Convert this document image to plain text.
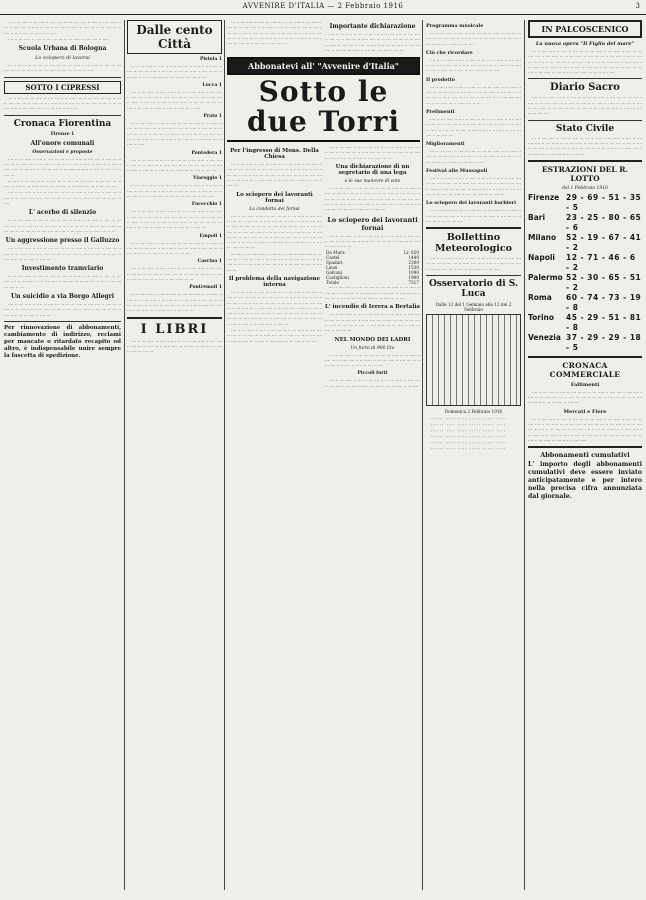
AVVENIRE D'ITALIA — 2 Febbraio 1916	3

·· ·· ··· ···· ·· ··· ···· ·· ···· ···· ··· ·· ···· ···· ·· ···· ·· ···· ····· ·· ··· ·· ···· ···· ·· ····· ··· ··· ·· ··· ···· ·· ···· ··· ···· ··· ·· ··· ···· ··· ·· ···· ·· ····· ···· ··· ···· ·· ··· ····

···· ·· ··· ····· ·· ···· ·· ···· ··· ··· ·· ··· ····· ·· ···· ···· ·· ····

Scuola Urbana di Bologna
Lo sciopero di lavorai

··· ·· ···· ····· ·· ···· ··· ···· ··· ··· ··· ····· ·· ··· ····· ·· ···· ··· ··· ···· ···· ·· ··· ····· ·· ··· ··· ····· ·· ···· ··· ··· ·· ··· ····

SOTTO I CIPRESSI

··· ·· ···· ··· ··· ····· ·· ···· ··· ·· ··· ····· ··· ·· ··· ···· ··· ···· ·· ··· ·· ···· ···· ··· ·· ···· ··· ··· ····· ·· ··· ···· ··· ·· ··· ···· ·· ··· ·· ··· ·· ···· ····· ·· ···· ···· ··· ·· ··· ··· ···· ·· ···· ···

Cronaca Fiorentina
Firenze 1
All'onore comunali
Osservazioni e proposte

···· ·· ··· ····· ·· ···· ·· ···· ··· ··· ·· ··· ····· ·· ···· ···· ·· ···· ··· ·· ···· ··· ·· ····· ···· ··· ·· ···· ··· ···· ·· ··· ···· ·· ····· ·· ···· ··· ·· ···· ·· ···· ····· ··· ··· ···· ·· ···· ··· ···· ·· ··· ···· ··· ····· ·· ···· ··· ···· ··· ·· ···· ···

··· ···· ·· ··· ···· ····· ·· ···· ··· ·· ···· ··· ···· ····· ·· ··· ···· ··· ·· ···· ··· ···· ·· ··· ····· ··· ·· ···· ··· ···· ·· ··· ···· ···· ··· ·· ··· ···· ····

···· ·· ··· ····· ·· ···· ·· ···· ··· ··· ·· ··· ····· ·· ···· ···· ·· ···· ··· ·· ···· ··· ·· ····· ···· ··· ·· ···· ··· ···· ·· ··· ···· ·· ····· ·· ···· ··· ·· ···· ·· ····

L' acerbo di silenzio

··· ·· ···· ····· ·· ···· ··· ···· ··· ··· ··· ····· ·· ··· ····· ·· ···· ··· ··· ···· ···· ·· ··· ····· ·· ··· ··· ····· ·· ···· ··· ··· ·· ··· ···· ·· ··· ·· ···· ··· ··· ···· ·· ··· ···· ··· ·· ···· ···· ···· ··· ·· ··· ····· ··· ·· ····· ···· ·· ···

Un aggressione presso il Galluzzo

···· ·· ··· ····· ·· ···· ·· ···· ··· ··· ·· ··· ····· ·· ···· ···· ·· ···· ··· ·· ···· ··· ·· ····· ···· ··· ·· ···· ··· ···· ·· ··· ···· ·· ····· ·· ···· ··· ·· ···· ·· ···· ····· ··· ··· ···· ·· ···· ···

Investimento tramviario

··· ·· ···· ····· ·· ···· ··· ···· ··· ··· ··· ····· ·· ··· ····· ·· ···· ··· ··· ···· ···· ·· ··· ····· ·· ··· ··· ····· ·· ···· ··· ··· ·· ··· ···· ·· ··· ·· ···· ··· ··· ···· ·· ···

Un suicidio a via Borgo Allegri

···· ·· ··· ····· ·· ···· ·· ···· ··· ··· ·· ··· ····· ·· ···· ···· ·· ···· ··· ·· ···· ··· ·· ····· ···· ··· ·· ···· ··· ···· ·· ··· ···· ·· ····· ·· ···· ··· ·· ···· ·· ···· ····· ··· ··· ···· ·· ···· ···

Per rinnovazione di abbonamenti, cambiamento di indirizzo, reclami per mancato o ritardato recapito od altro, è indispensabile unire sempre la fascetta di spedizione.
Dalle cento Città
Pistoia 1

··· ·· ···· ····· ·· ···· ··· ···· ··· ··· ··· ····· ·· ··· ····· ·· ···· ··· ··· ···· ···· ·· ··· ····· ·· ··· ··· ····· ·· ···· ··· ··· ·· ··· ···· ·· ··· ·· ···· ··· ··· ···· ·· ··· ···· ··· ·· ····

Lucca 1

···· ·· ··· ····· ·· ···· ·· ···· ··· ··· ·· ··· ····· ·· ···· ···· ·· ···· ··· ·· ···· ··· ·· ····· ···· ··· ·· ···· ··· ···· ·· ··· ···· ·· ····· ·· ···· ··· ·· ···· ·· ···· ····· ··· ··· ···· ·· ···· ··· ···· ·· ··· ···· ··· ····· ·· ···· ··· ···· ··· ·· ····

Prato 1

··· ·· ···· ····· ·· ···· ··· ···· ··· ··· ··· ····· ·· ··· ····· ·· ···· ··· ··· ···· ···· ·· ··· ····· ·· ··· ··· ····· ·· ···· ··· ··· ·· ··· ···· ·· ··· ·· ···· ··· ··· ···· ·· ··· ···· ··· ·· ···· ···· ···· ··· ·· ··· ····· ··· ·· ····· ···· ·· ··· ···· ··· ·· ····· ··· ···· ·· ···· ··· ····

Pontedera 1

···· ·· ··· ····· ·· ···· ·· ···· ··· ··· ·· ··· ····· ·· ···· ···· ·· ···· ··· ·· ···· ··· ·· ····· ···· ··· ·· ···· ··· ···· ·· ··· ···· ·· ····· ·· ···· ··· ·· ···· ·· ···· ····· ··· ··· ···· ·· ···· ···

Viareggio 1

··· ·· ···· ····· ·· ···· ··· ···· ··· ··· ··· ····· ·· ··· ····· ·· ···· ··· ··· ···· ···· ·· ··· ····· ·· ··· ··· ····· ·· ···· ··· ··· ·· ··· ···· ·· ··· ·· ···· ··· ··· ···· ·· ··· ···· ··· ·· ···· ····

Fucecchio 1

···· ·· ··· ····· ·· ···· ·· ···· ··· ··· ·· ··· ····· ·· ···· ···· ·· ···· ··· ·· ···· ··· ·· ····· ···· ··· ·· ···· ··· ···· ·· ··· ···· ·· ····· ·· ···· ··· ·· ···· ·· ···· ····· ··· ··· ···· ·· ···· ··· ···· ·· ··· ···· ··· ····· ·· ···· ··· ···· ··· ·· ···· ···

Empoli 1

··· ·· ···· ····· ·· ···· ··· ···· ··· ··· ··· ····· ·· ··· ····· ·· ···· ··· ··· ···· ···· ·· ··· ····· ·· ··· ··· ····· ·· ···· ··· ··· ·· ··· ···· ·· ··· ·· ···· ··· ··· ···· ·· ··· ····

Cascina 1

···· ·· ··· ····· ·· ···· ·· ···· ··· ··· ·· ··· ····· ·· ···· ···· ·· ···· ··· ·· ···· ··· ·· ····· ···· ··· ·· ···· ··· ···· ·· ··· ···· ·· ····· ·· ···· ··· ·· ···· ·· ···· ····· ··· ···

Pontremoli 1

··· ·· ···· ····· ·· ···· ··· ···· ··· ··· ··· ····· ·· ··· ····· ·· ···· ··· ··· ···· ···· ·· ··· ····· ·· ··· ··· ····· ·· ···· ··· ··· ·· ··· ···· ·· ··· ·· ···· ··· ··· ···· ·· ··· ···· ··· ·· ···· ···· ···· ··· ·· ··· ····· ··· ·· ····· ···· ·· ··· ···· ···

I LIBRI

···· ·· ··· ····· ·· ···· ·· ···· ··· ··· ·· ··· ····· ·· ···· ···· ·· ···· ··· ·· ···· ··· ·· ····· ···· ··· ·· ···· ··· ···· ·· ··· ···· ·· ····· ·· ···· ···

··· ·· ···· ····· ·· ···· ··· ···· ··· ··· ··· ····· ·· ··· ····· ·· ···· ··· ··· ···· ···· ·· ··· ····· ·· ··· ··· ····· ·· ···· ··· ··· ·· ··· ···· ·· ··· ·· ···· ··· ··· ···· ·· ··· ···· ··· ·· ···· ···· ···· ··· ·· ··· ····· ··· ·· ····· ···· ·· ··· ···· ··· ·· ····· ··· ···· ·· ···· ··· ···· ··· ·· ··· ···· ··· ·· ···· ···

Importante dichiarazione

···· ·· ··· ····· ·· ···· ·· ···· ··· ··· ·· ··· ····· ·· ···· ···· ·· ···· ··· ·· ···· ··· ·· ····· ···· ··· ·· ···· ··· ···· ·· ··· ···· ·· ····· ·· ···· ··· ·· ···· ·· ···· ····· ··· ··· ···· ·· ···· ··· ···· ·· ··· ···· ··· ····· ·· ···· ··· ···· ··· ·· ···· ···

Abbonatevi all' "Avvenire d'Italia"
Sotto le due Torri
Per l'ingresso di Mons. Della Chiesa

··· ·· ···· ····· ·· ···· ··· ···· ··· ··· ··· ····· ·· ··· ····· ·· ···· ··· ··· ···· ···· ·· ··· ····· ·· ··· ··· ····· ·· ···· ··· ··· ·· ··· ···· ·· ··· ·· ···· ··· ··· ···· ·· ··· ···· ··· ·· ···· ···· ···· ··· ·· ··· ····· ··· ·· ····· ···· ·· ··· ···· ··· ·· ····· ··· ···· ·· ···· ···

Lo sciopero dei lavoranti fornai
La condotta dei fornai

···· ·· ··· ····· ·· ···· ·· ···· ··· ··· ·· ··· ····· ·· ···· ···· ·· ···· ··· ·· ···· ··· ·· ····· ···· ··· ·· ···· ··· ···· ·· ··· ···· ·· ····· ·· ···· ··· ·· ···· ·· ···· ····· ··· ··· ···· ·· ···· ··· ···· ·· ··· ···· ··· ····· ·· ···· ··· ···· ··· ·· ···· ··· ··· ·· ···· ··· ···· ·· ···· ····· ··· ··· ·· ···· ··· ···· ··· ·· ···· ····· ··· ·· ···· ·· ··· ···· ··· ····· ·· ····· ··· ···· ·· ··· ···· ··· ·· ···· ··· ····· ·· ···· ···

··· ···· ·· ··· ···· ····· ·· ···· ··· ·· ···· ··· ···· ····· ·· ··· ···· ··· ·· ···· ··· ···· ·· ··· ····· ··· ·· ···· ··· ···· ·· ··· ···· ···· ··· ·· ··· ···· ···· ·· ···· ··· ···· ·· ··· ···· ··· ···· ·· ···· ··· ···

Il problema della navigazione interna

··· ·· ···· ····· ·· ···· ··· ···· ··· ··· ··· ····· ·· ··· ····· ·· ···· ··· ··· ···· ···· ·· ··· ····· ·· ··· ··· ····· ·· ···· ··· ··· ·· ··· ···· ·· ··· ·· ···· ··· ··· ···· ·· ··· ···· ··· ·· ···· ···· ···· ··· ·· ··· ····· ··· ·· ····· ···· ·· ··· ···· ··· ·· ····· ··· ···· ·· ···· ··· ···· ··· ·· ··· ···· ··· ·· ···· ··· ··· ···· ·· ··· ····· ··· ··· ···· ·· ···· ····· ··· ··· ·· ···· ···· ··· ·· ···· ··· ····· ··· ·· ···· ··· ···· ·· ··· ···· ····· ·· ···· ···

···· ·· ··· ····· ·· ···· ·· ···· ··· ··· ·· ··· ····· ·· ···· ···· ·· ···· ··· ·· ···· ··· ·· ····· ···· ··· ·· ···· ··· ···· ·· ··· ···· ·· ····· ·· ···· ··· ·· ···· ·· ···· ····· ··· ··· ···· ·· ···· ···

···· ·· ··· ····· ·· ···· ·· ···· ··· ··· ·· ··· ····· ·· ···· ···· ·· ···· ··· ·· ···· ··· ·· ····· ···· ··· ·· ···· ··· ···· ·· ··· ···· ·· ····· ·· ···· ··· ·· ···· ·· ···· ····· ··· ···

Una dichiarazione di un segretario di una lega
e le sue manovre di voto

··· ·· ···· ····· ·· ···· ··· ···· ··· ··· ··· ····· ·· ··· ····· ·· ···· ··· ··· ···· ···· ·· ··· ····· ·· ··· ··· ····· ·· ···· ··· ··· ·· ··· ···· ·· ··· ·· ···· ··· ··· ···· ·· ··· ···· ··· ·· ···· ···· ···· ··· ·· ··· ····· ··· ·· ····· ···· ·· ··· ···· ··· ·· ····· ··· ···· ·· ···· ··· ···· ··· ·· ··· ···· ··· ·· ···· ···

Lo sciopero dei lavoranti fornai

···· ·· ··· ····· ·· ···· ·· ···· ··· ··· ·· ··· ····· ·· ···· ···· ·· ···· ··· ·· ···· ··· ·· ····· ···· ··· ·· ···· ··· ···· ·· ··· ···· ·· ····· ·· ···· ···

Da Mura	Lr. 820
Castel	1440
Spadari	2300
Lanzi	1530
Galvani	1090
Castiglioni	1900
Totale	7317

··· ·· ···· ····· ·· ···· ··· ···· ··· ··· ··· ····· ·· ··· ····· ·· ···· ··· ··· ···· ···· ·· ··· ····· ·· ··· ··· ····· ·· ···· ··· ··· ·· ··· ···· ·· ··· ·· ···· ··· ··· ···· ·· ··· ···· ··· ·· ····

L' incendio di Ierera a Bertalia

···· ·· ··· ····· ·· ···· ·· ···· ··· ··· ·· ··· ····· ·· ···· ···· ·· ···· ··· ·· ···· ··· ·· ····· ···· ··· ·· ···· ··· ···· ·· ··· ···· ·· ····· ·· ···· ··· ·· ···· ·· ···· ····· ··· ··· ···· ·· ···· ··· ···· ·· ··· ···· ···

NEL MONDO DEI LADRI
Un furto di 900 lire

··· ·· ···· ····· ·· ···· ··· ···· ··· ··· ··· ····· ·· ··· ····· ·· ···· ··· ··· ···· ···· ·· ··· ····· ·· ··· ··· ····· ·· ···· ··· ··· ·· ··· ···· ·· ··· ·· ···· ··· ··· ···· ·· ···

Piccoli furti

···· ·· ··· ····· ·· ···· ·· ···· ··· ··· ·· ··· ····· ·· ···· ···· ·· ···· ··· ·· ···· ··· ·· ····· ···· ··· ·· ···· ··· ···· ·· ··· ····

Programma musicale

··· ·· ···· ····· ·· ···· ··· ···· ··· ··· ··· ····· ·· ··· ····· ·· ···· ··· ··· ···· ···· ·· ··· ····· ·· ··· ··· ····· ·· ···· ··· ··· ·· ··· ···· ·· ··· ·· ···· ··· ··· ····

Ciò che ricordare

···· ·· ··· ····· ·· ···· ·· ···· ··· ··· ·· ··· ····· ·· ···· ···· ·· ···· ··· ·· ···· ··· ·· ····· ···· ··· ·· ···· ··· ···· ·· ··· ···· ·· ····· ·· ···· ··· ·· ···· ·· ···· ····· ··· ··· ····

Il prodotto

··· ·· ···· ····· ·· ···· ··· ···· ··· ··· ··· ····· ·· ··· ····· ·· ···· ··· ··· ···· ···· ·· ··· ····· ·· ··· ··· ····· ·· ···· ··· ··· ·· ··· ···· ·· ··· ·· ···· ··· ··· ···· ·· ··· ···· ··· ·· ···· ···· ···· ··· ·· ··· ····· ··· ·· ····· ···· ·· ···

Prelimenti

···· ·· ··· ····· ·· ···· ·· ···· ··· ··· ·· ··· ····· ·· ···· ···· ·· ···· ··· ·· ···· ··· ·· ····· ···· ··· ·· ···· ··· ···· ·· ··· ···· ·· ····· ·· ···· ··· ·· ···· ·· ···· ····· ··· ··· ···· ·· ···· ··· ···· ·· ··· ···· ···

Miglioramenti

··· ·· ···· ····· ·· ···· ··· ···· ··· ··· ··· ····· ·· ··· ····· ·· ···· ··· ··· ···· ···· ·· ··· ····· ·· ··· ··· ····· ·· ···· ··· ··· ·· ··· ···· ·· ··· ·· ···· ··· ··· ···· ·· ···

Festival alle Mussapoli

···· ·· ··· ····· ·· ···· ·· ···· ··· ··· ·· ··· ····· ·· ···· ···· ·· ···· ··· ·· ···· ··· ·· ····· ···· ··· ·· ···· ··· ···· ·· ··· ···· ·· ····· ·· ···· ··· ·· ···· ·· ···· ····· ··· ··· ···· ·· ···· ··· ···· ·· ··· ···· ··· ····· ·· ···· ··· ···· ··· ·· ···· ···

Lo sciopero dei lavoranti barbieri

··· ·· ···· ····· ·· ···· ··· ···· ··· ··· ··· ····· ·· ··· ····· ·· ···· ··· ··· ···· ···· ·· ··· ····· ·· ··· ··· ····· ·· ···· ··· ··· ·· ··· ···· ·· ··· ·· ···· ···

Bollettino Meteorologico

···· ·· ··· ····· ·· ···· ·· ···· ··· ··· ·· ··· ····· ·· ···· ···· ·· ···· ··· ·· ···· ··· ·· ····· ···· ··· ·· ···· ··· ···· ·· ··· ···· ·· ····· ·· ···· ··· ·· ···· ·· ···· ····· ··· ··· ····

Osservatorio di S. Luca
Dalle 12 del 1 Gennaio alle 12 del 2 Febbraio
Domenica 2 Febbraio 1916

······ ···· ···· ····· ····· ····

······ ···· ···· ····· ····· ····

······ ···· ···· ····· ····· ····

······ ···· ···· ····· ····· ····

······ ···· ···· ····· ····· ····

······ ···· ···· ····· ····· ····

IN PALCOSCENICO
La nuova opera "Il Figlio del mare"

··· ·· ···· ····· ·· ···· ··· ···· ··· ··· ··· ····· ·· ··· ····· ·· ···· ··· ··· ···· ···· ·· ··· ····· ·· ··· ··· ····· ·· ···· ··· ··· ·· ··· ···· ·· ··· ·· ···· ··· ··· ···· ·· ··· ···· ··· ·· ···· ···· ···· ··· ·· ··· ····· ··· ·· ····· ···· ·· ··· ···· ··· ·· ····· ··· ···· ·· ···· ··· ···· ··· ·· ··· ···· ··· ·· ···· ··· ··· ···· ·· ··· ····· ··· ··· ···· ·· ···· ····· ··· ··· ·· ···· ····

Diario Sacro

···· ·· ··· ····· ·· ···· ·· ···· ··· ··· ·· ··· ····· ·· ···· ···· ·· ···· ··· ·· ···· ··· ·· ····· ···· ··· ·· ···· ··· ···· ·· ··· ···· ·· ····· ·· ···· ··· ·· ···· ·· ···· ····· ··· ··· ···· ·· ···· ··· ···· ·· ··· ···· ··· ····· ·· ···· ··· ···· ··· ·· ···· ···

Stato Civile

··· ·· ···· ····· ·· ···· ··· ···· ··· ··· ··· ····· ·· ··· ····· ·· ···· ··· ··· ···· ···· ·· ··· ····· ·· ··· ··· ····· ·· ···· ··· ··· ·· ··· ···· ·· ··· ·· ···· ··· ··· ···· ·· ··· ···· ··· ·· ···· ···· ···· ··· ·· ··· ····· ··· ·· ····· ···· ·· ··· ···· ··· ·· ····· ··· ···· ·· ···· ···

ESTRAZIONI DEL R. LOTTO
del 1 Febbraio 1916
Firenze 29 - 69 - 51 - 35 - 5
Bari	23 - 25 - 80 - 65 - 6
Milano	52 - 19 - 67 - 41 - 2
Napoli	12 - 71 - 46 - 6 - 2
Palermo 52 - 30 - 65 - 51 - 2
Roma	60 - 74 - 73 - 19 - 8
Torino	45 - 29 - 51 - 81 - 8
Venezia 37 - 29 - 29 - 18 - 5
CRONACA COMMERCIALE
Fallimenti

···· ·· ··· ····· ·· ···· ·· ···· ··· ··· ·· ··· ····· ·· ···· ···· ·· ···· ··· ·· ···· ··· ·· ····· ···· ··· ·· ···· ··· ···· ·· ··· ···· ·· ····· ·· ···· ··· ·· ···· ·· ···· ····· ··· ··· ···· ·· ···· ···

Mercati e Fiere

··· ·· ···· ····· ·· ···· ··· ···· ··· ··· ··· ····· ·· ··· ····· ·· ···· ··· ··· ···· ···· ·· ··· ····· ·· ··· ··· ····· ·· ···· ··· ··· ·· ··· ···· ·· ··· ·· ···· ··· ··· ···· ·· ··· ···· ··· ·· ···· ···· ···· ··· ·· ··· ····· ··· ·· ····· ···· ·· ··· ···· ··· ·· ····· ··· ···· ·· ···· ··· ···· ··· ·· ··· ···· ··· ·· ···· ··· ··· ···· ·· ··· ····· ··· ··· ···· ·· ···· ·····

Abbonamenti cumulativi
L' importo degli abbonamenti cumulativi deve essere inviato anticipatamente e per intero nella precisa cifra annunziata dal giornale.
